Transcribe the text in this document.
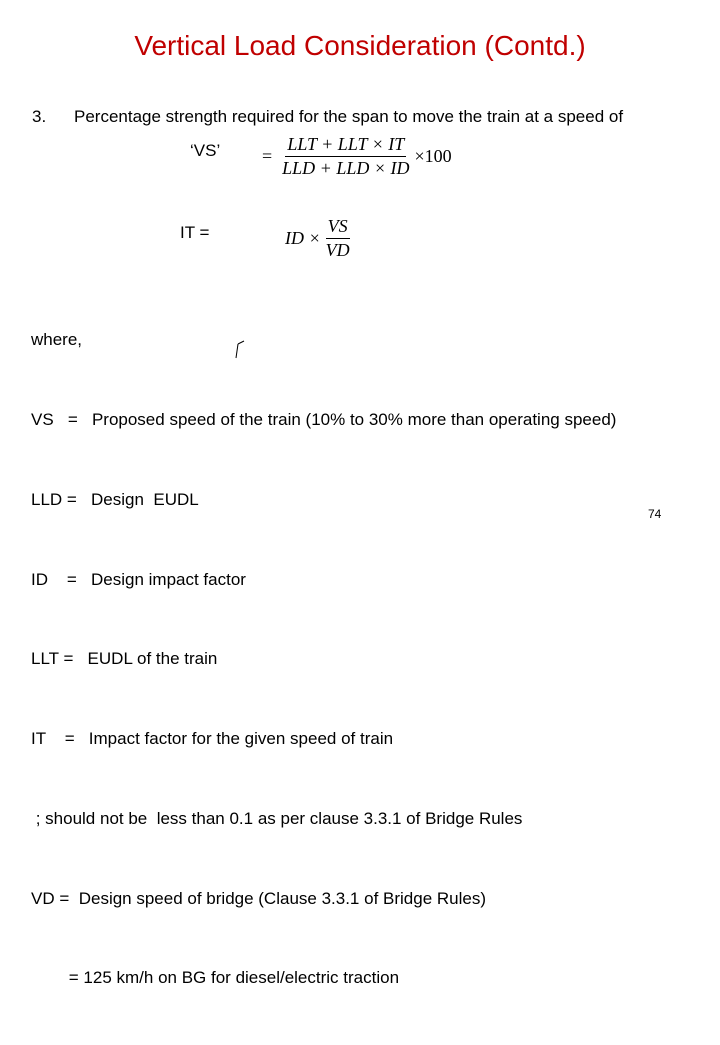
Vertical Load Consideration (Contd.)
3. Percentage strength required for the span to move the train at a speed of
‘VS’ = $\frac{\text{LLT + LLT × IT}}{\text{LLD + LLD × ID}} \times 100$
IT =	ID × $\frac{VS}{VD}$

where,

VS   =   Proposed speed of the train (10% to 30% more than operating speed)

LLD =   Design  EUDL

ID    =   Design impact factor

LLT =   EUDL of the train

IT    =   Impact factor for the given speed of train

; should not be  less than 0.1 as per clause 3.3.1 of Bridge Rules

VD =  Design speed of bridge (Clause 3.3.1 of Bridge Rules)

= 125 km/h on BG for diesel/electric traction

74
